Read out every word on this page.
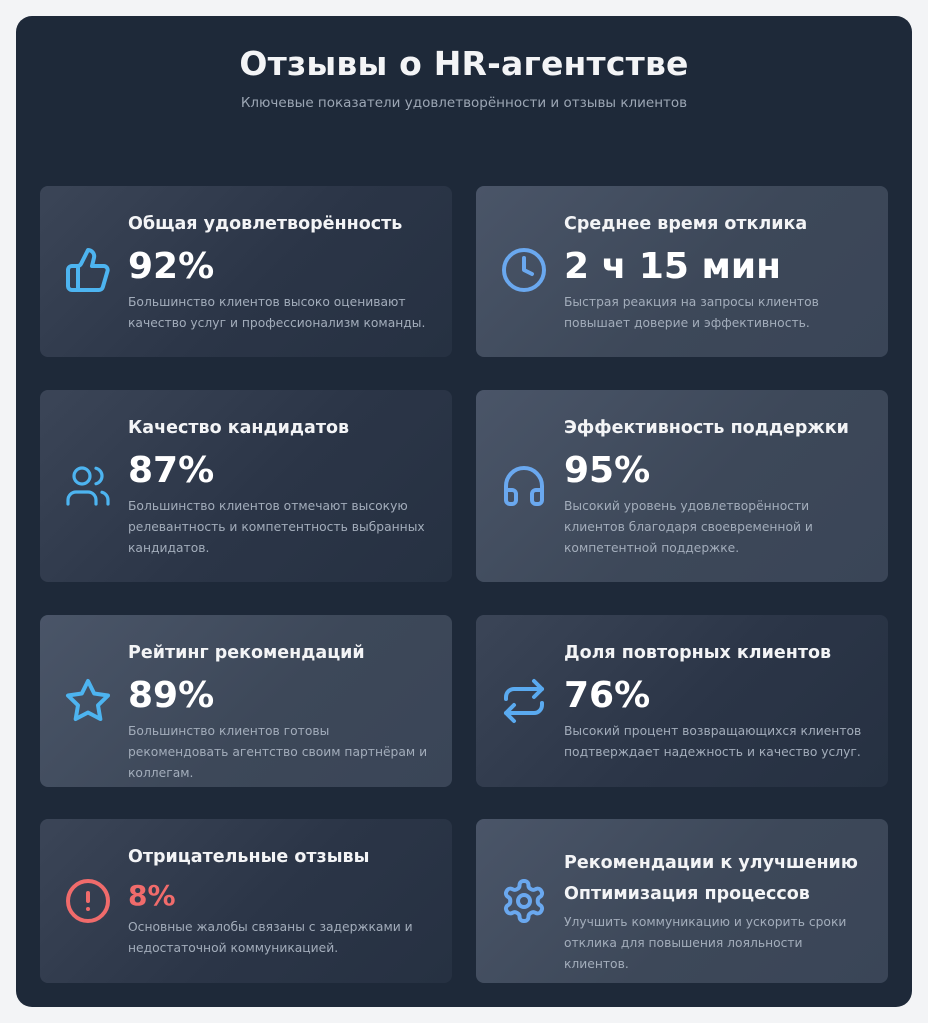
Отзывы о HR-агентстве
Ключевые показатели удовлетворённости и отзывы клиентов
Общая удовлетворённость
92%
Большинство клиентов высоко оценивают качество услуг и профессионализм команды.
Среднее время отклика
2 ч 15 мин
Быстрая реакция на запросы клиентов повышает доверие и эффективность.
Качество кандидатов
87%
Большинство клиентов отмечают высокую релевантность и компетентность выбранных кандидатов.
Эффективность поддержки
95%
Высокий уровень удовлетворённости клиентов благодаря своевременной и компетентной поддержке.
Рейтинг рекомендаций
89%
Большинство клиентов готовы рекомендовать агентство своим партнёрам и коллегам.
Доля повторных клиентов
76%
Высокий процент возвращающихся клиентов подтверждает надежность и качество услуг.
Отрицательные отзывы
8%
Основные жалобы связаны с задержками и недостаточной коммуникацией.
Рекомендации к улучшению
Оптимизация процессов
Улучшить коммуникацию и ускорить сроки отклика для повышения лояльности клиентов.
